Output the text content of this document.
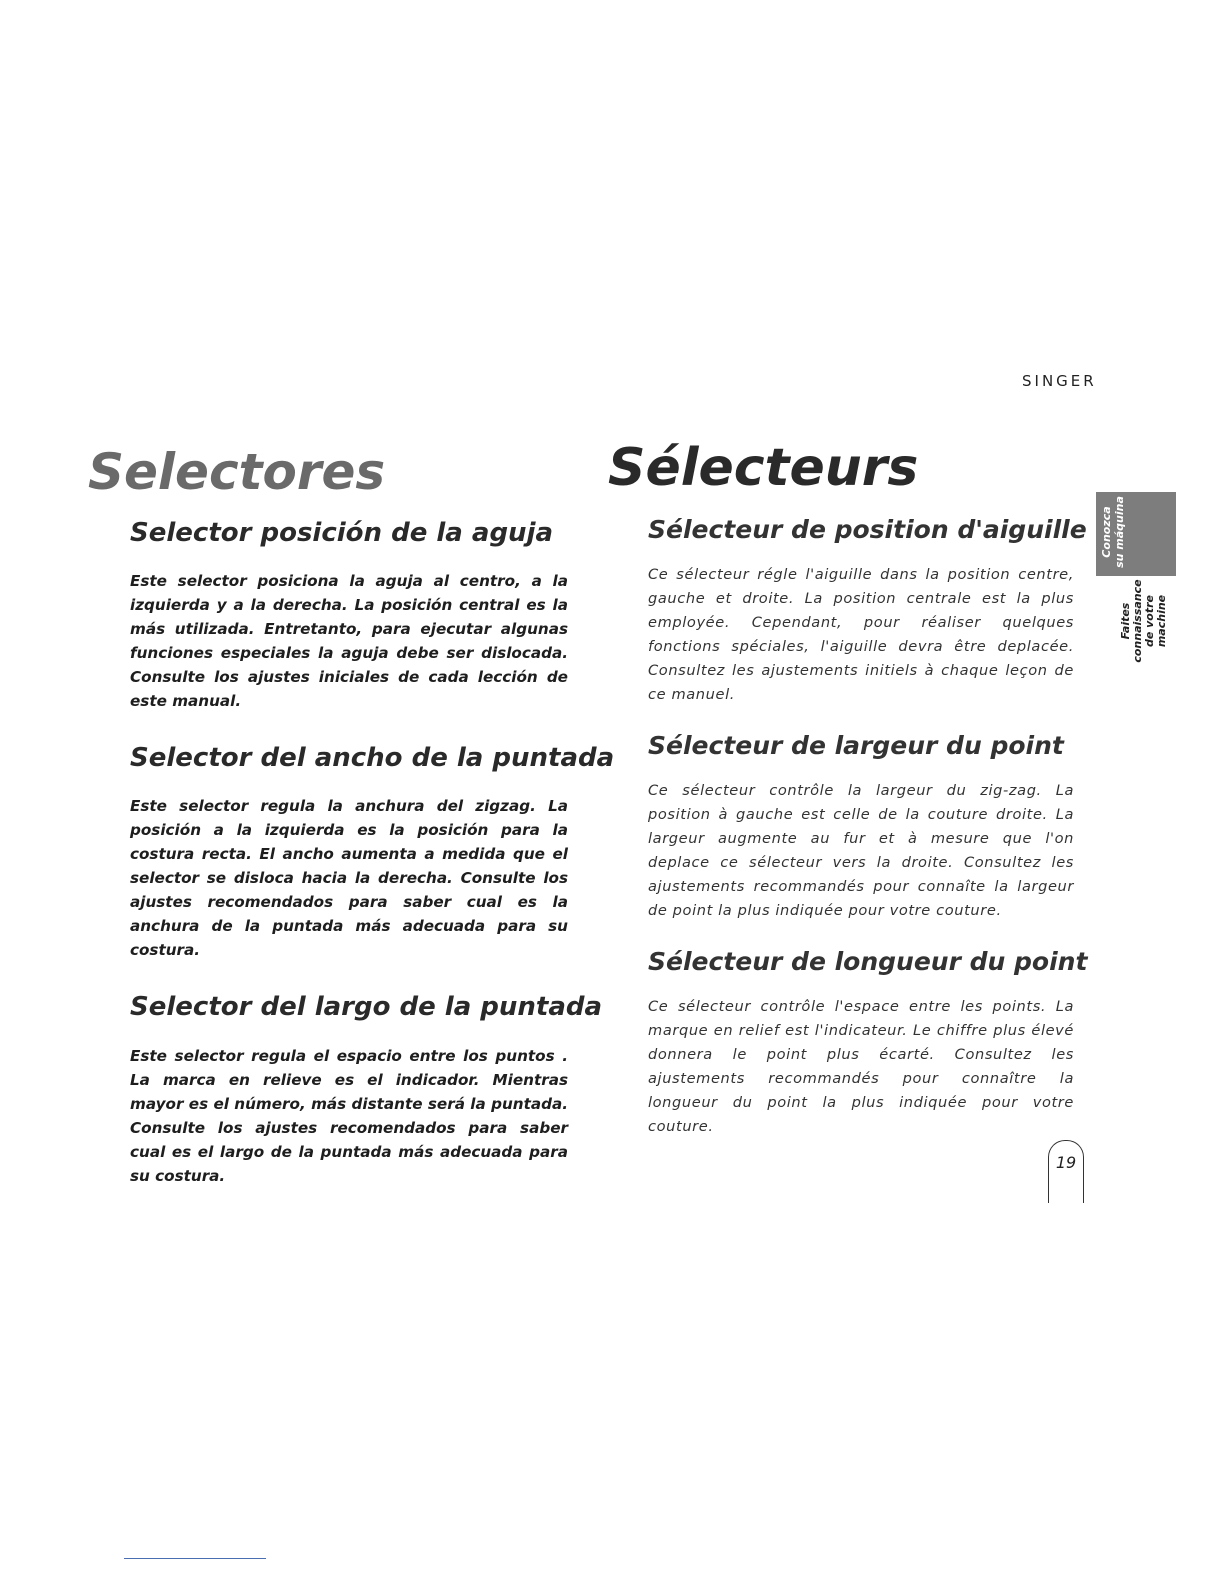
SINGER
Selectores
Selector posición de la aguja

Este selector posiciona la aguja al centro, a la izquierda y a la derecha. La posición central es la más utilizada. Entretanto, para ejecutar algunas funciones especiales la aguja debe ser dislocada. Consulte los ajustes iniciales de cada lección de este manual.

Selector del ancho de la puntada

Este selector regula la anchura del zigzag. La posición a la izquierda es la posición para la costura recta. El ancho aumenta a medida que el selector se disloca hacia la derecha. Consulte los ajustes recomendados para saber cual es la anchura de la puntada más adecuada para su costura.

Selector del largo de la puntada

Este selector regula el espacio entre los puntos . La marca en relieve es el indicador. Mientras mayor es el número, más distante será la puntada. Consulte los ajustes recomendados para saber cual es el largo de la puntada más adecuada para su costura.

Sélecteurs
Sélecteur de position d'aiguille

Ce sélecteur régle l'aiguille dans la position centre, gauche et droite. La position centrale est la plus employée. Cependant, pour réaliser quelques fonctions spéciales, l'aiguille devra être deplacée. Consultez les ajustements initiels à chaque leçon de ce manuel.

Sélecteur de largeur du point

Ce sélecteur contrôle la largeur du zig-zag. La position à gauche est celle de la couture droite. La largeur augmente au fur et à mesure que l'on deplace ce sélecteur vers la droite. Consultez les ajustements recommandés pour connaîte la largeur de point la plus indiquée pour votre couture.

Sélecteur de longueur du point

Ce sélecteur contrôle l'espace entre les points. La marque en relief est l'indicateur. Le chiffre plus élevé donnera le point plus écarté. Consultez les ajustements recommandés pour connaître la longueur du point la plus indiquée pour votre couture.

Conozca su máquina
Faites connaissance de votre machine
19
